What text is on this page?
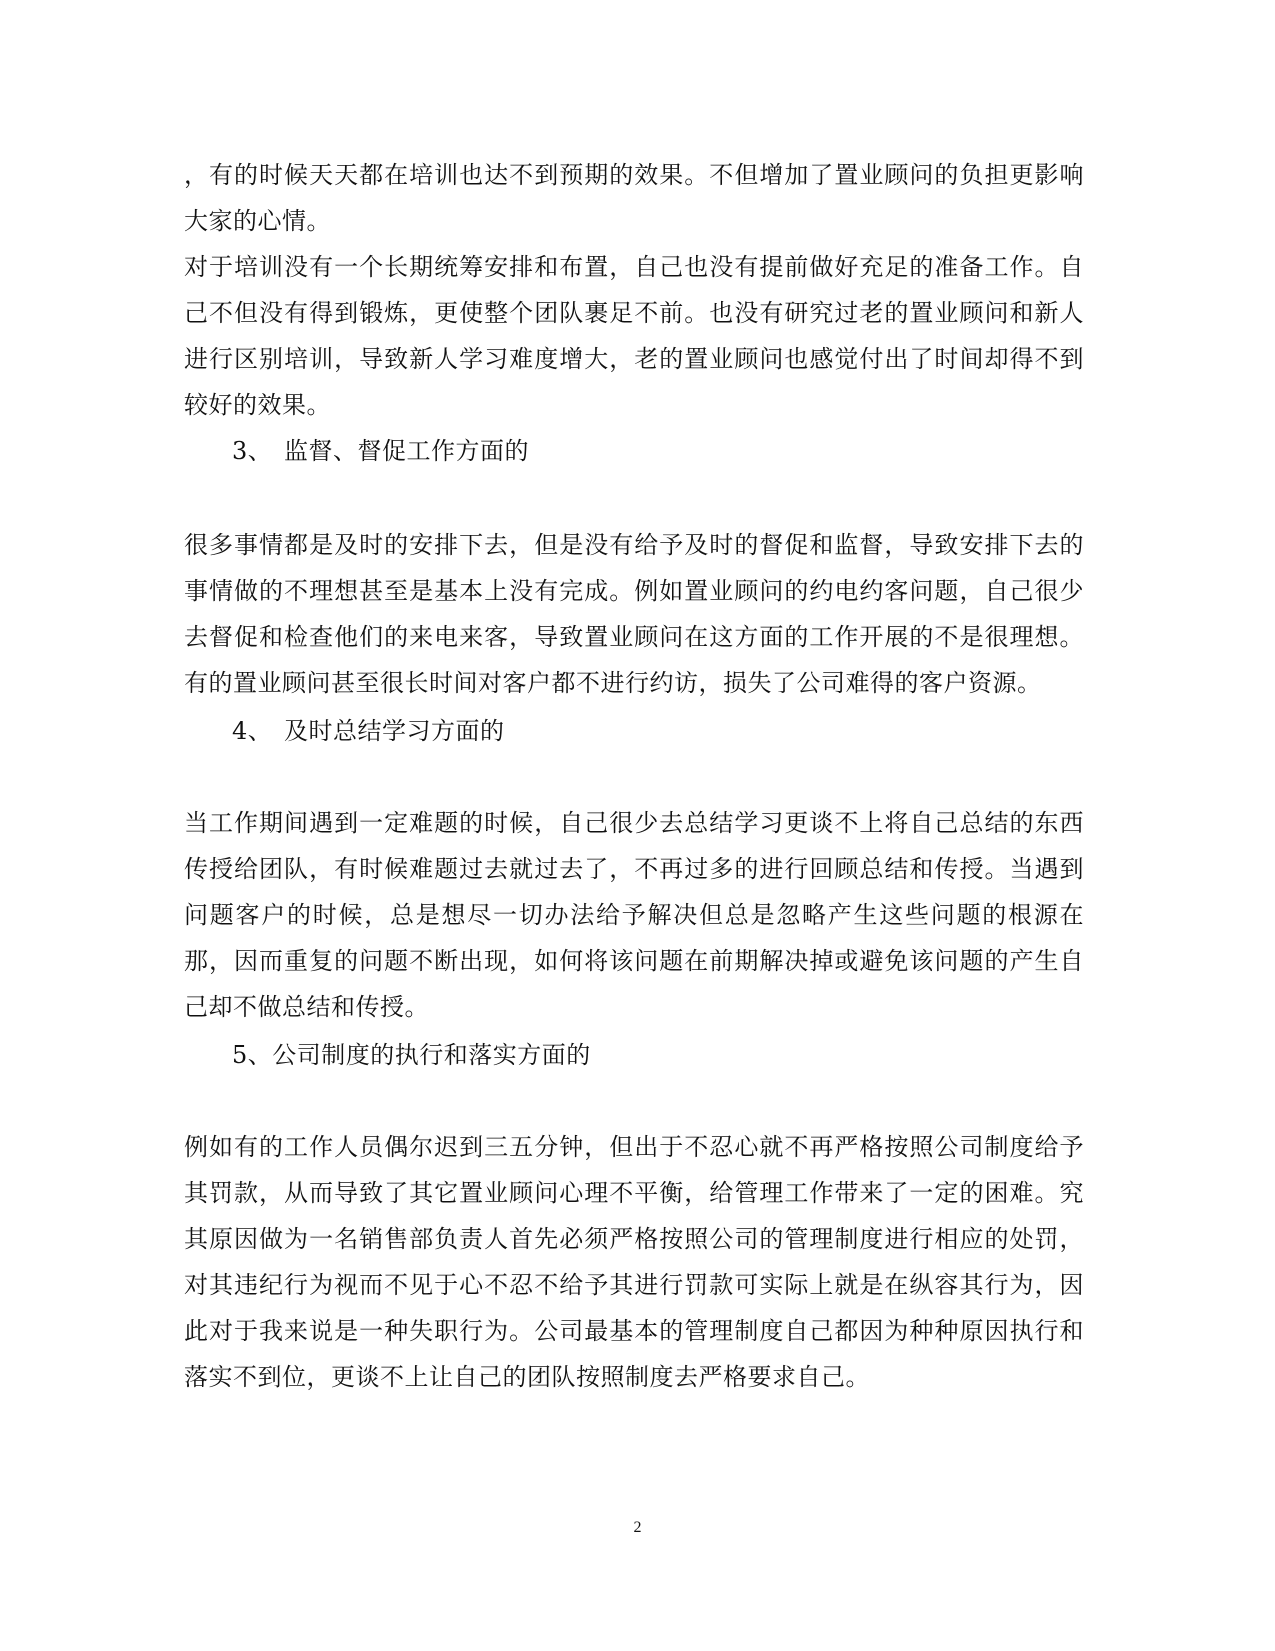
，有的时候天天都在培训也达不到预期的效果。不但增加了置业顾问的负担更影响大家的心情。
对于培训没有一个长期统筹安排和布置，自己也没有提前做好充足的准备工作。自己不但没有得到锻炼，更使整个团队裹足不前。也没有研究过老的置业顾问和新人进行区别培训，导致新人学习难度增大，老的置业顾问也感觉付出了时间却得不到较好的效果。
3、 监督、督促工作方面的
很多事情都是及时的安排下去，但是没有给予及时的督促和监督，导致安排下去的事情做的不理想甚至是基本上没有完成。例如置业顾问的约电约客问题，自己很少去督促和检查他们的来电来客，导致置业顾问在这方面的工作开展的不是很理想。有的置业顾问甚至很长时间对客户都不进行约访，损失了公司难得的客户资源。
4、 及时总结学习方面的
当工作期间遇到一定难题的时候，自己很少去总结学习更谈不上将自己总结的东西传授给团队，有时候难题过去就过去了，不再过多的进行回顾总结和传授。当遇到问题客户的时候，总是想尽一切办法给予解决但总是忽略产生这些问题的根源在那，因而重复的问题不断出现，如何将该问题在前期解决掉或避免该问题的产生自己却不做总结和传授。
5、公司制度的执行和落实方面的
例如有的工作人员偶尔迟到三五分钟，但出于不忍心就不再严格按照公司制度给予其罚款，从而导致了其它置业顾问心理不平衡，给管理工作带来了一定的困难。究其原因做为一名销售部负责人首先必须严格按照公司的管理制度进行相应的处罚，对其违纪行为视而不见于心不忍不给予其进行罚款可实际上就是在纵容其行为，因此对于我来说是一种失职行为。公司最基本的管理制度自己都因为种种原因执行和落实不到位，更谈不上让自己的团队按照制度去严格要求自己。
2
